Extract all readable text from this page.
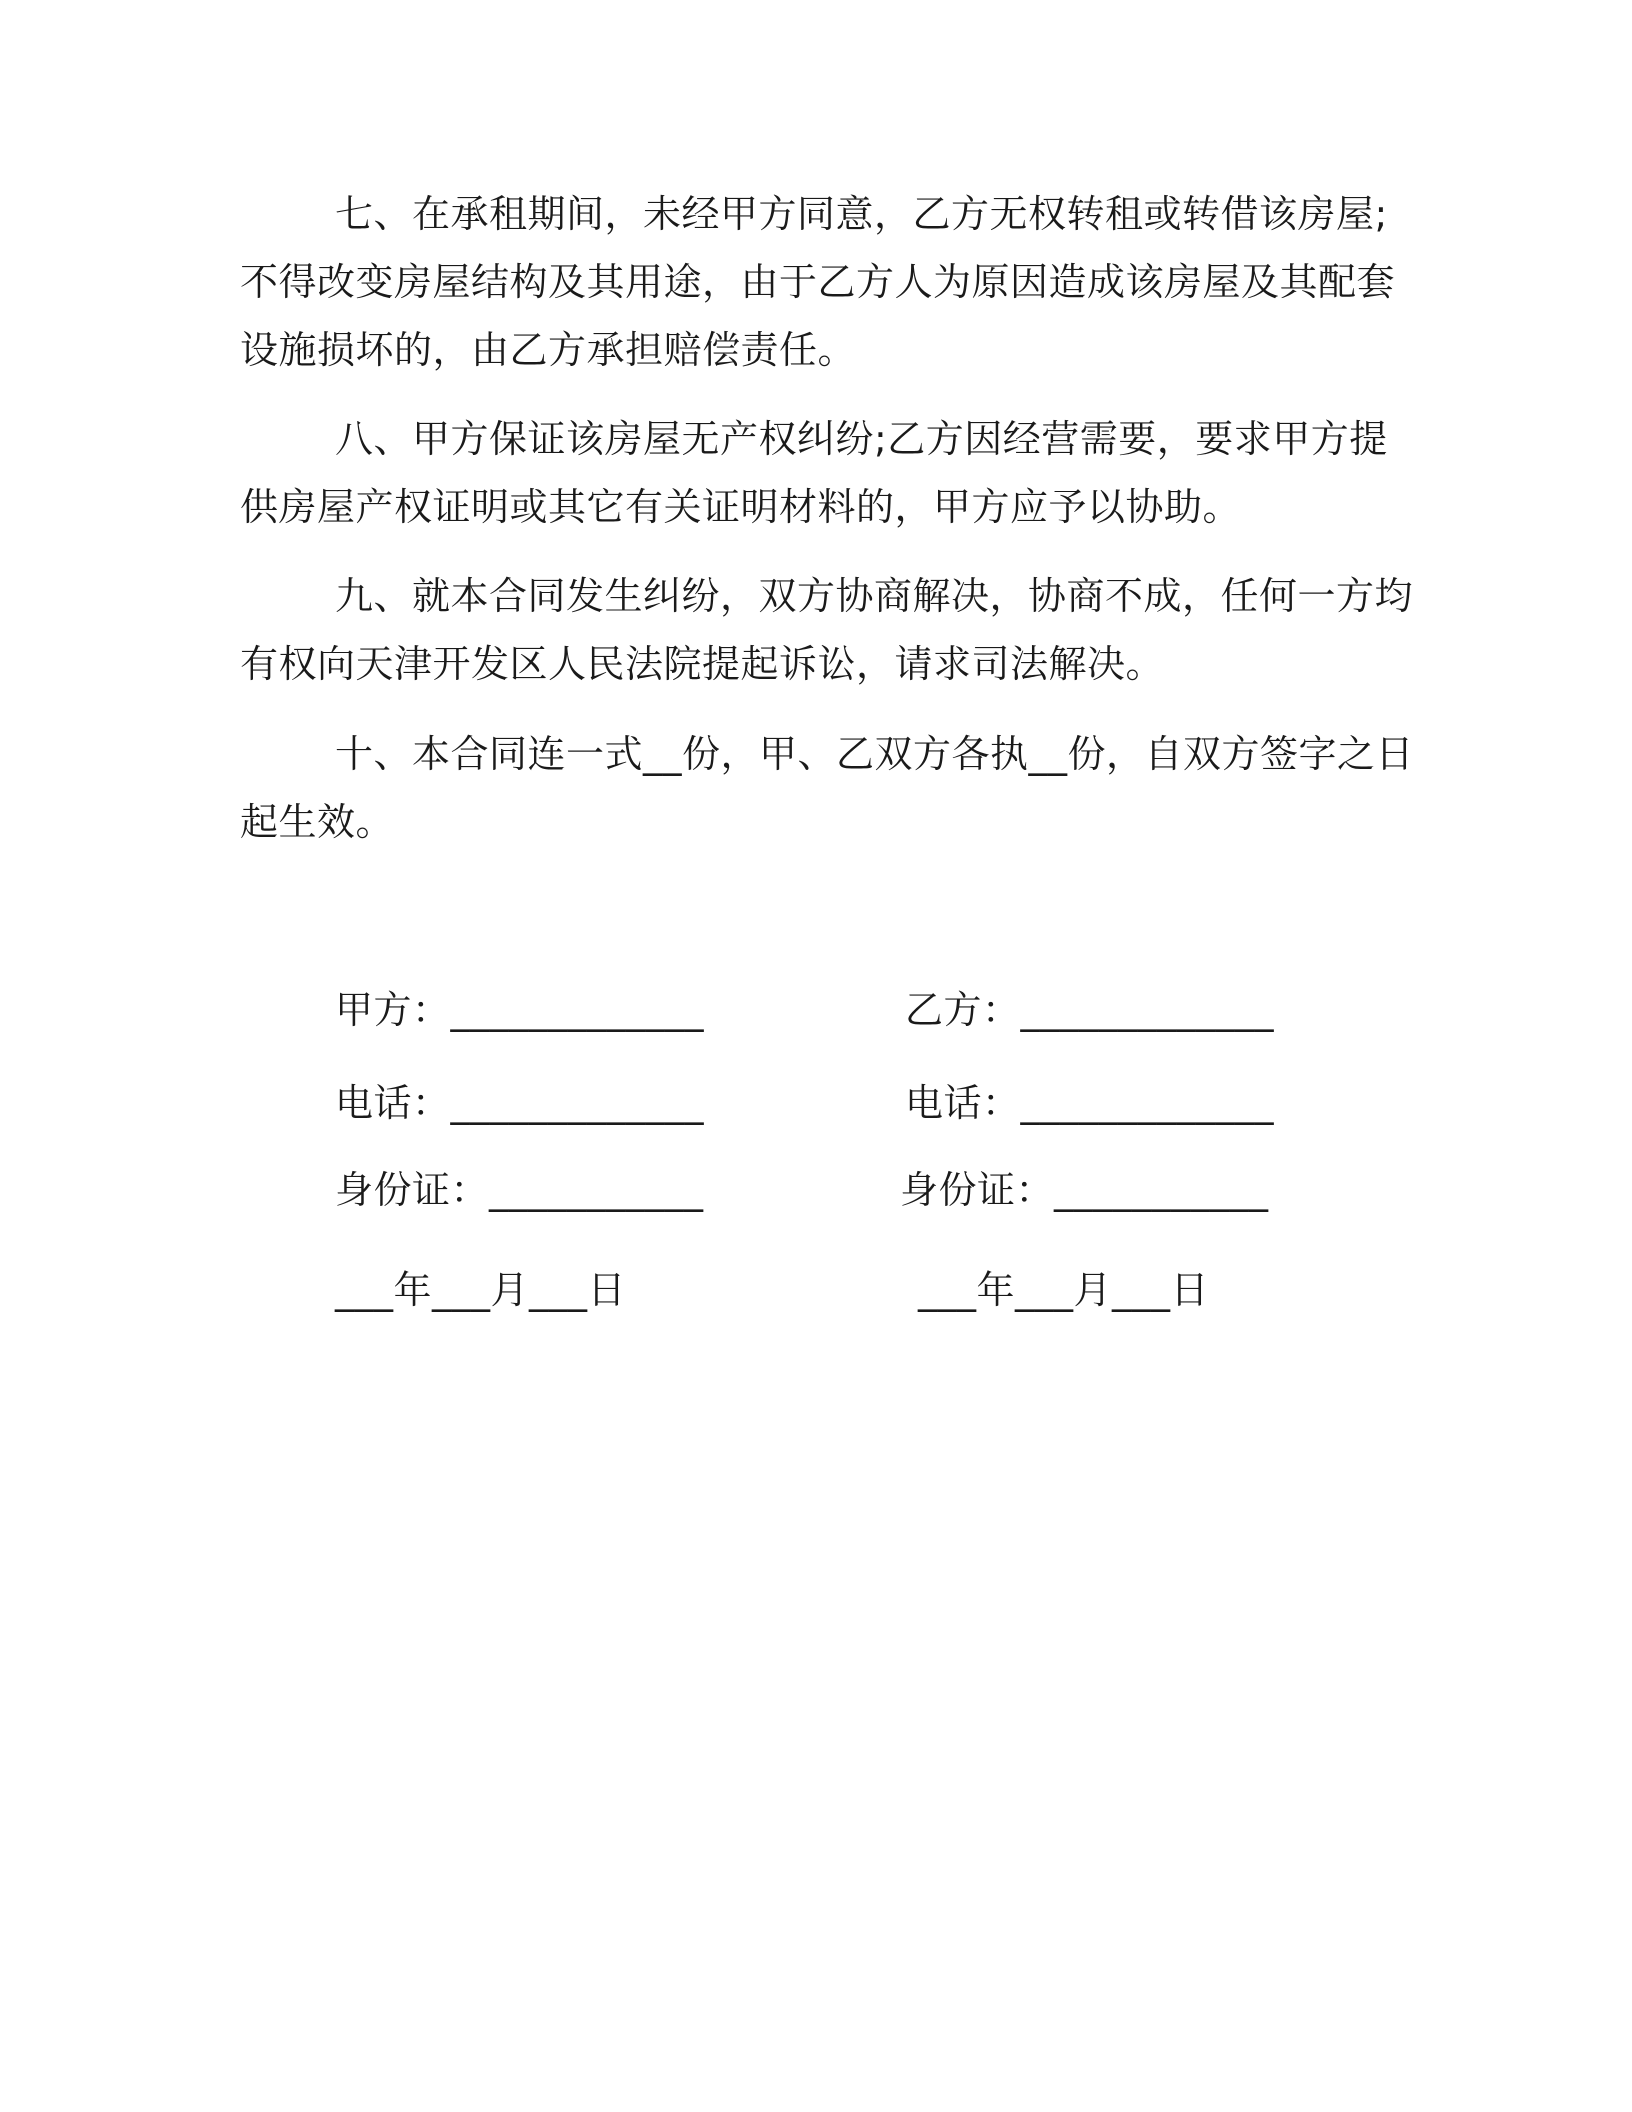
七、在承租期间，未经甲方同意，乙方无权转租或转借该房屋;
不得改变房屋结构及其用途，由于乙方人为原因造成该房屋及其配套
设施损坏的，由乙方承担赔偿责任。

八、甲方保证该房屋无产权纠纷;乙方因经营需要，要求甲方提
供房屋产权证明或其它有关证明材料的，甲方应予以协助。

九、就本合同发生纠纷，双方协商解决，协商不成，任何一方均
有权向天津开发区人民法院提起诉讼，请求司法解决。

十、本合同连一式__份，甲、乙双方各执__份，自双方签字之日
起生效。

甲方：_____________
电话：_____________
身份证：___________
___年___月___日
乙方：_____________
电话：_____________
身份证：___________
___年___月___日
